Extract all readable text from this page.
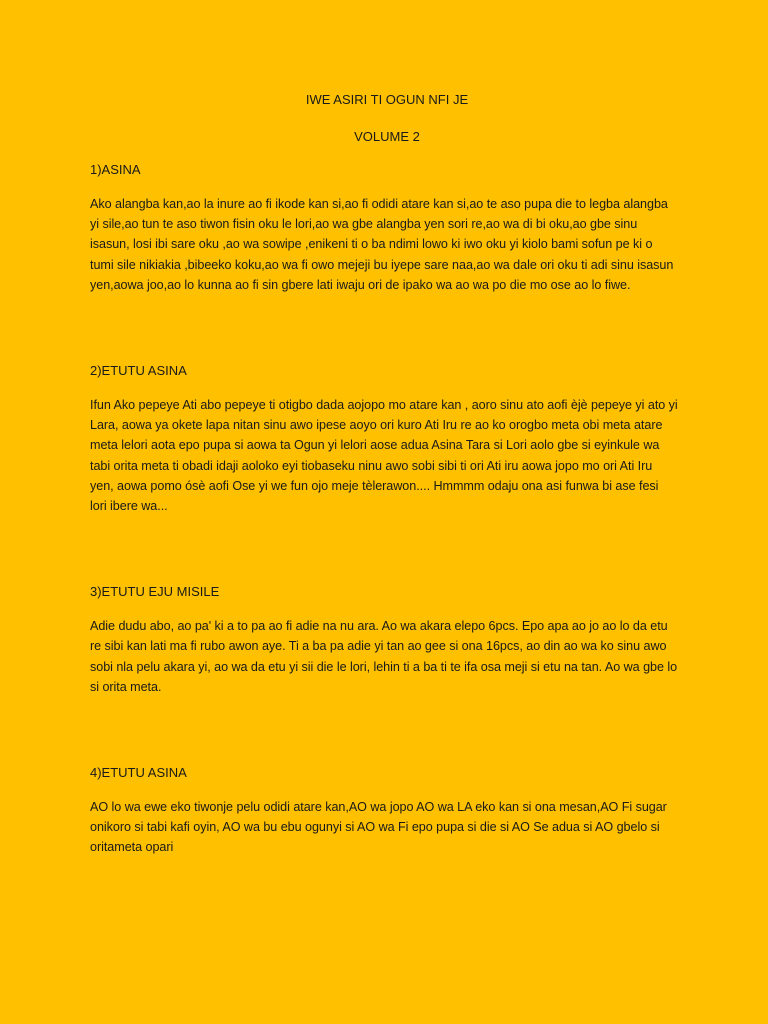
IWE ASIRI TI OGUN NFI JE
VOLUME 2
1)ASINA

Ako alangba kan,ao la inure ao fi ikode kan si,ao fi odidi atare kan si,ao te aso pupa die to legba alangba yi sile,ao tun te aso tiwon fisin oku le lori,ao wa gbe alangba yen sori re,ao wa di bi oku,ao gbe sinu isasun, losi ibi sare oku ,ao wa sowipe ,enikeni ti o ba ndimi lowo ki iwo oku yi kiolo bami sofun pe ki o tumi sile nikiakia ,bibeeko koku,ao wa fi owo mejeji bu iyepe sare naa,ao wa dale ori oku ti adi sinu isasun yen,aowa joo,ao lo kunna ao fi sin gbere lati iwaju ori de ipako wa ao wa po die mo ose ao lo fiwe.

2)ETUTU ASINA

Ifun Ako pepeye Ati abo pepeye ti otigbo dada aojopo mo atare kan , aoro sinu ato aofi èjè pepeye yi ato yi Lara, aowa ya okete lapa nitan sinu awo ipese aoyo ori kuro Ati Iru re ao ko orogbo meta obi meta atare meta lelori aota epo pupa si aowa ta Ogun yi lelori aose adua Asina Tara si Lori aolo gbe si eyinkule wa tabi orita meta ti obadi idaji aoloko eyi tiobaseku ninu awo sobi sibi ti ori Ati iru aowa jopo mo ori Ati Iru yen, aowa pomo ósè aofi Ose yi we fun ojo meje tèlerawon.... Hmmmm odaju ona asi funwa bi ase fesi lori ibere wa...

3)ETUTU EJU MISILE

Adie dudu abo, ao pa' ki a to pa ao fi adie na nu ara. Ao wa akara elepo 6pcs. Epo apa ao jo ao lo da etu re sibi kan lati ma fi rubo awon aye. Ti a ba pa adie yi tan ao gee si ona 16pcs, ao din ao wa ko sinu awo sobi nla pelu akara yi, ao wa da etu yi sii die le lori, lehin ti a ba ti te ifa osa meji si etu na tan. Ao wa gbe lo si orita meta.

4)ETUTU ASINA

AO lo wa ewe eko tiwonje pelu odidi atare kan,AO wa jopo AO wa LA eko kan si ona mesan,AO Fi sugar onikoro si tabi kafi oyin, AO wa bu ebu ogunyi si AO wa Fi epo pupa si die si AO Se adua si AO gbelo si oritameta opari
